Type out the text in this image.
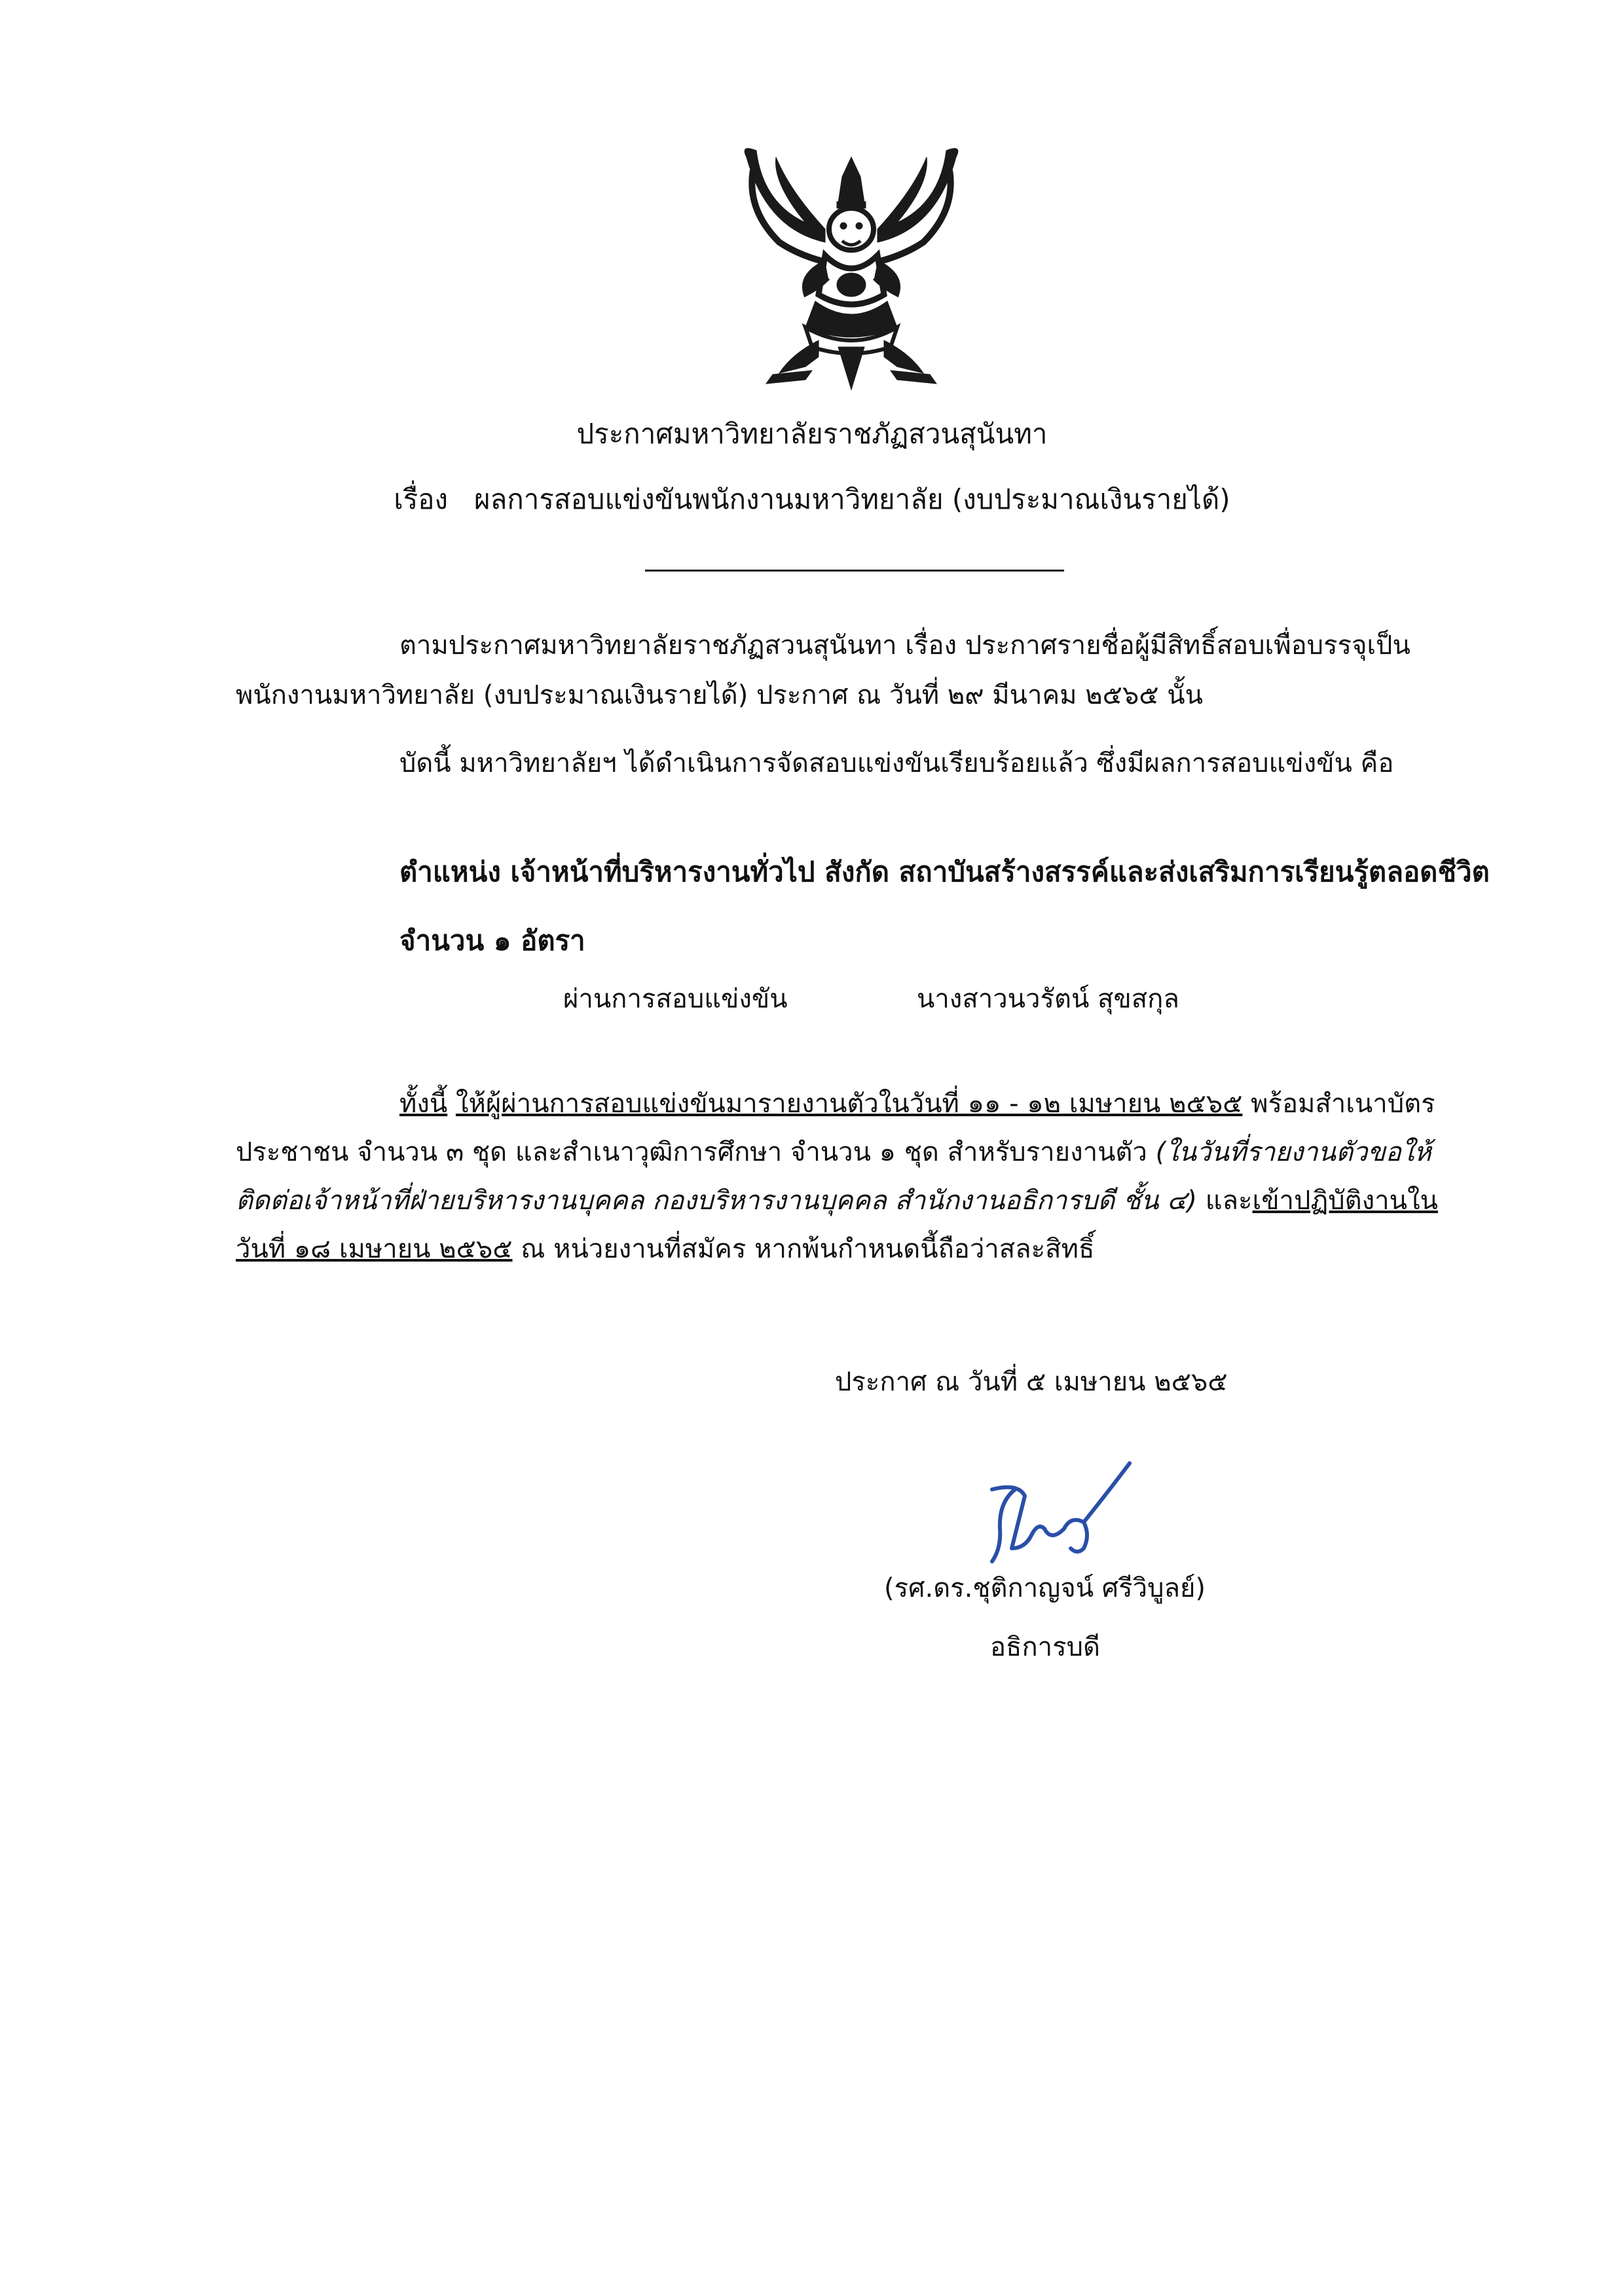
ประกาศมหาวิทยาลัยราชภัฏสวนสุนันทา
เรื่อง ผลการสอบแข่งขันพนักงานมหาวิทยาลัย (งบประมาณเงินรายได้)
ตามประกาศมหาวิทยาลัยราชภัฏสวนสุนันทา เรื่อง ประกาศรายชื่อผู้มีสิทธิ์สอบเพื่อบรรจุเป็น
พนักงานมหาวิทยาลัย (งบประมาณเงินรายได้) ประกาศ ณ วันที่ ๒๙ มีนาคม ๒๕๖๕ นั้น
บัดนี้ มหาวิทยาลัยฯ ได้ดำเนินการจัดสอบแข่งขันเรียบร้อยแล้ว ซึ่งมีผลการสอบแข่งขัน คือ
ตำแหน่ง เจ้าหน้าที่บริหารงานทั่วไป สังกัด สถาบันสร้างสรรค์และส่งเสริมการเรียนรู้ตลอดชีวิต
จำนวน ๑ อัตรา
ผ่านการสอบแข่งขัน	นางสาวนวรัตน์ สุขสกุล
ทั้งนี้ ให้ผู้ผ่านการสอบแข่งขันมารายงานตัวในวันที่ ๑๑ - ๑๒ เมษายน ๒๕๖๕ พร้อมสำเนาบัตร
ประชาชน จำนวน ๓ ชุด และสำเนาวุฒิการศึกษา จำนวน ๑ ชุด สำหรับรายงานตัว (ในวันที่รายงานตัวขอให้
ติดต่อเจ้าหน้าที่ฝ่ายบริหารงานบุคคล กองบริหารงานบุคคล สำนักงานอธิการบดี ชั้น ๔) และเข้าปฏิบัติงานใน
วันที่ ๑๘ เมษายน ๒๕๖๕ ณ หน่วยงานที่สมัคร หากพ้นกำหนดนี้ถือว่าสละสิทธิ์
ประกาศ ณ วันที่ ๕ เมษายน ๒๕๖๕
(รศ.ดร.ชุติกาญจน์ ศรีวิบูลย์)
อธิการบดี
